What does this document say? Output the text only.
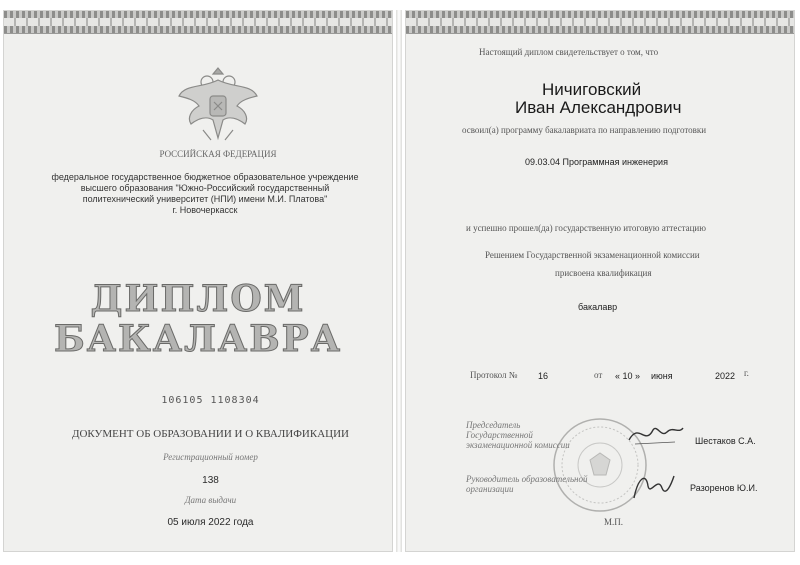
РОССИЙСКАЯ ФЕДЕРАЦИЯ
федеральное государственное бюджетное образовательное учреждение
высшего образования "Южно-Российский государственный
политехнический университет (НПИ) имени М.И. Платова"
г. Новочеркасск
ДИПЛОМ
БАКАЛАВРА
106105 1108304
ДОКУМЕНТ ОБ ОБРАЗОВАНИИ И О КВАЛИФИКАЦИИ
Регистрационный номер
138
Дата выдачи
05 июля 2022 года
Настоящий диплом свидетельствует о том, что
Ничиговский
Иван Александрович
освоил(а) программу бакалавриата по направлению подготовки
09.03.04 Программная инженерия
и успешно прошел(да) государственную итоговую аттестацию
Решением Государственной экзаменационной комиссии
присвоена квалификация
бакалавр
Протокол № 16	от « 10 » июня	2022 г.
Председатель
Государственной
экзаменационной комиссии	Шестаков С.А.
Руководитель образовательной
организации	Разоренов Ю.И.
М.П.
